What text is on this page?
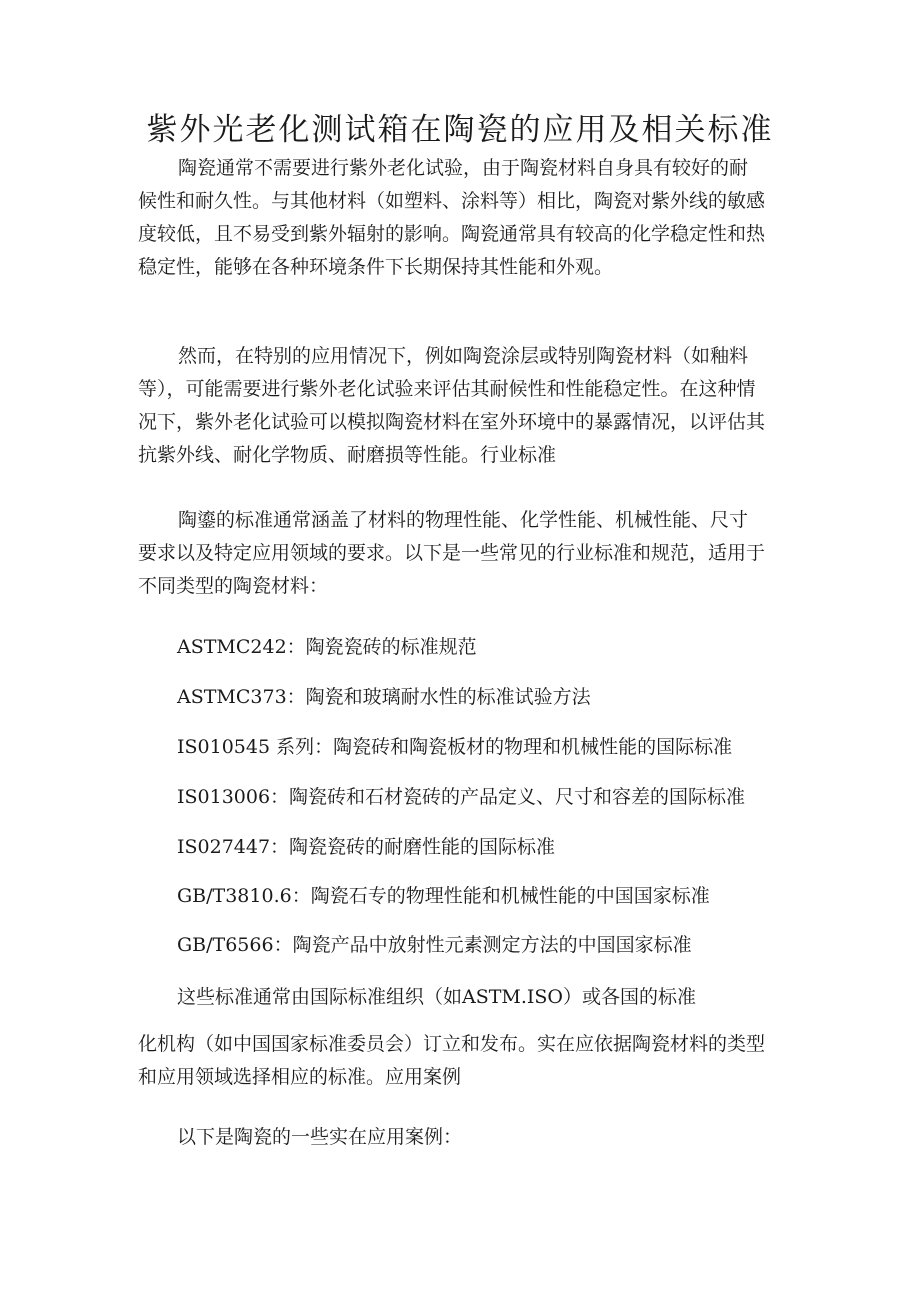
紫外光老化测试箱在陶瓷的应用及相关标准
陶瓷通常不需要进行紫外老化试验，由于陶瓷材料自身具有较好的耐
候性和耐久性。与其他材料（如塑料、涂料等）相比，陶瓷对紫外线的敏感
度较低，且不易受到紫外辐射的影响。陶瓷通常具有较高的化学稳定性和热
稳定性，能够在各种环境条件下长期保持其性能和外观。
然而，在特别的应用情况下，例如陶瓷涂层或特别陶瓷材料（如釉料
等），可能需要进行紫外老化试验来评估其耐候性和性能稳定性。在这种情
况下，紫外老化试验可以模拟陶瓷材料在室外环境中的暴露情况，以评估其
抗紫外线、耐化学物质、耐磨损等性能。行业标准
陶鎏的标准通常涵盖了材料的物理性能、化学性能、机械性能、尺寸
要求以及特定应用领域的要求。以下是一些常见的行业标准和规范，适用于
不同类型的陶瓷材料：

ASTMC242：陶瓷瓷砖的标准规范

ASTMC373：陶瓷和玻璃耐水性的标准试验方法

IS010545 系列：陶瓷砖和陶瓷板材的物理和机械性能的国际标准

IS013006：陶瓷砖和石材瓷砖的产品定义、尺寸和容差的国际标准

IS027447：陶瓷瓷砖的耐磨性能的国际标准

GB/T3810.6：陶瓷石专的物理性能和机械性能的中国国家标准

GB/T6566：陶瓷产品中放射性元素测定方法的中国国家标准

这些标准通常由国际标准组织（如ASTM.ISO）或各国的标准

化机构（如中国国家标准委员会）订立和发布。实在应依据陶瓷材料的类型
和应用领域选择相应的标准。应用案例

以下是陶瓷的一些实在应用案例：
